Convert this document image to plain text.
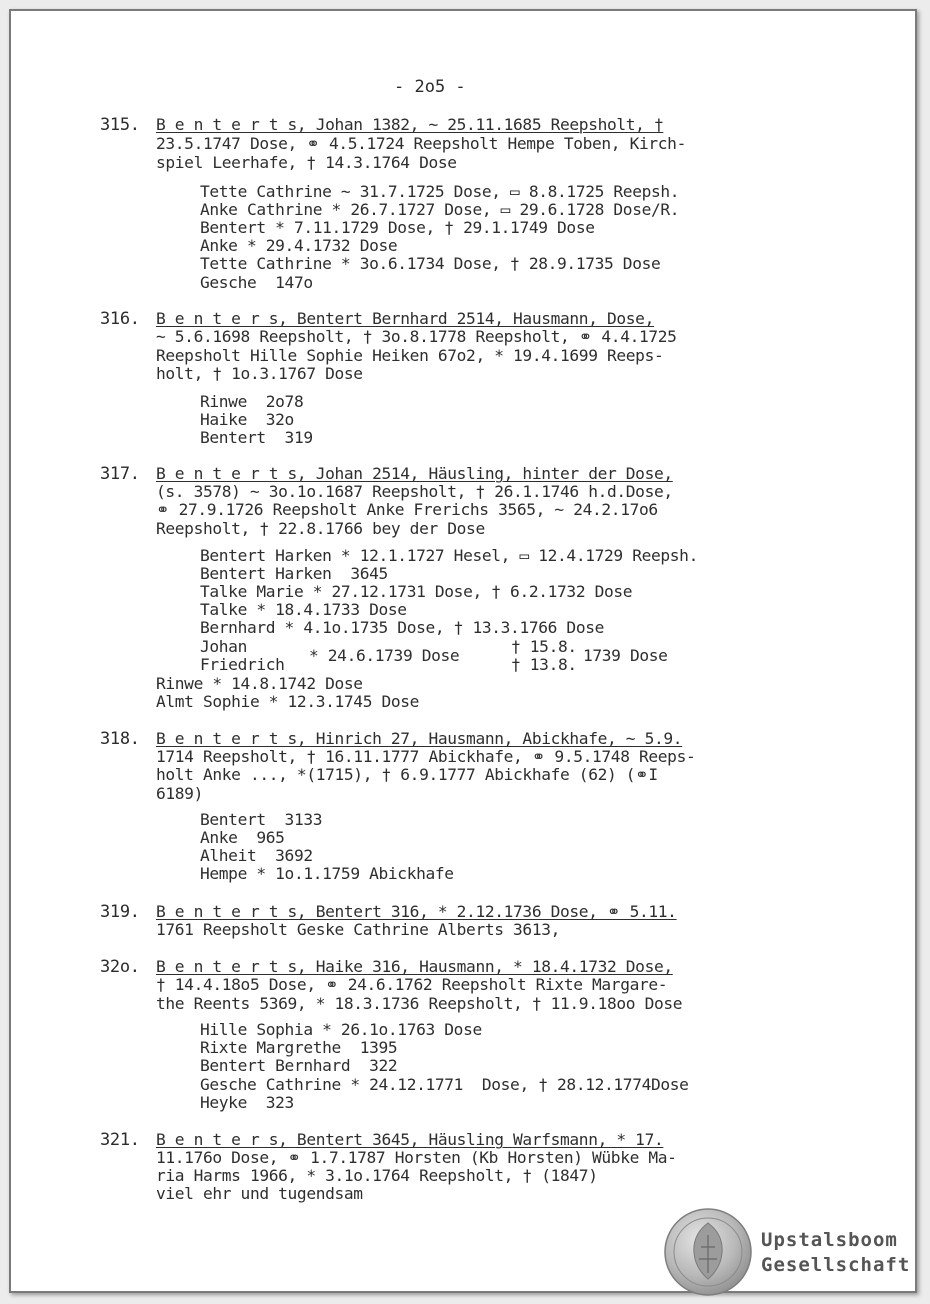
- 2o5 -
315. B e n t e r t s, Johan 1382, ~ 25.11.1685 Reepsholt, †
23.5.1747 Dose, ⚭ 4.5.1724 Reepsholt Hempe Toben, Kirch-
spiel Leerhafe, † 14.3.1764 Dose
Tette Cathrine ~ 31.7.1725 Dose, ▭ 8.8.1725 Reepsh.
Anke Cathrine * 26.7.1727 Dose, ▭ 29.6.1728 Dose/R.
Bentert * 7.11.1729 Dose, † 29.1.1749 Dose
Anke * 29.4.1732 Dose
Tette Cathrine * 3o.6.1734 Dose, † 28.9.1735 Dose
Gesche  147o
316. B e n t e r s, Bentert Bernhard 2514, Hausmann, Dose,
~ 5.6.1698 Reepsholt, † 3o.8.1778 Reepsholt, ⚭ 4.4.1725
Reepsholt Hille Sophie Heiken 67o2, * 19.4.1699 Reeps-
holt, † 1o.3.1767 Dose
Rinwe  2o78
Haike  32o
Bentert  319
317. B e n t e r t s, Johan 2514, Häusling, hinter der Dose,
(s. 3578) ~ 3o.1o.1687 Reepsholt, † 26.1.1746 h.d.Dose,
⚭ 27.9.1726 Reepsholt Anke Frerichs 3565, ~ 24.2.17o6
Reepsholt, † 22.8.1766 bey der Dose
Bentert Harken * 12.1.1727 Hesel, ▭ 12.4.1729 Reepsh.
Bentert Harken  3645
Talke Marie * 27.12.1731 Dose, † 6.2.1732 Dose
Talke * 18.4.1733 Dose
Bernhard * 4.1o.1735 Dose, † 13.3.1766 Dose
Johan
Friedrich * 24.6.1739 Dose	† 15.8.
† 13.8. 1739 Dose
Rinwe * 14.8.1742 Dose
Almt Sophie * 12.3.1745 Dose
318. B e n t e r t s, Hinrich 27, Hausmann, Abickhafe, ~ 5.9.
1714 Reepsholt, † 16.11.1777 Abickhafe, ⚭ 9.5.1748 Reeps-
holt Anke ..., *(1715), † 6.9.1777 Abickhafe (62) (⚭I
6189)
Bentert  3133
Anke  965
Alheit  3692
Hempe * 1o.1.1759 Abickhafe
319. B e n t e r t s, Bentert 316, * 2.12.1736 Dose, ⚭ 5.11.
1761 Reepsholt Geske Cathrine Alberts 3613,
32o. B e n t e r t s, Haike 316, Hausmann, * 18.4.1732 Dose,
† 14.4.18o5 Dose, ⚭ 24.6.1762 Reepsholt Rixte Margare-
the Reents 5369, * 18.3.1736 Reepsholt, † 11.9.18oo Dose
Hille Sophia * 26.1o.1763 Dose
Rixte Margrethe  1395
Bentert Bernhard  322
Gesche Cathrine * 24.12.1771  Dose, † 28.12.1774Dose
Heyke  323
321. B e n t e r s, Bentert 3645, Häusling Warfsmann, * 17.
11.176o Dose, ⚭ 1.7.1787 Horsten (Kb Horsten) Wübke Ma-
ria Harms 1966, * 3.1o.1764 Reepsholt, † (1847)
viel ehr und tugendsam
Upstalsboom
Gesellschaft
